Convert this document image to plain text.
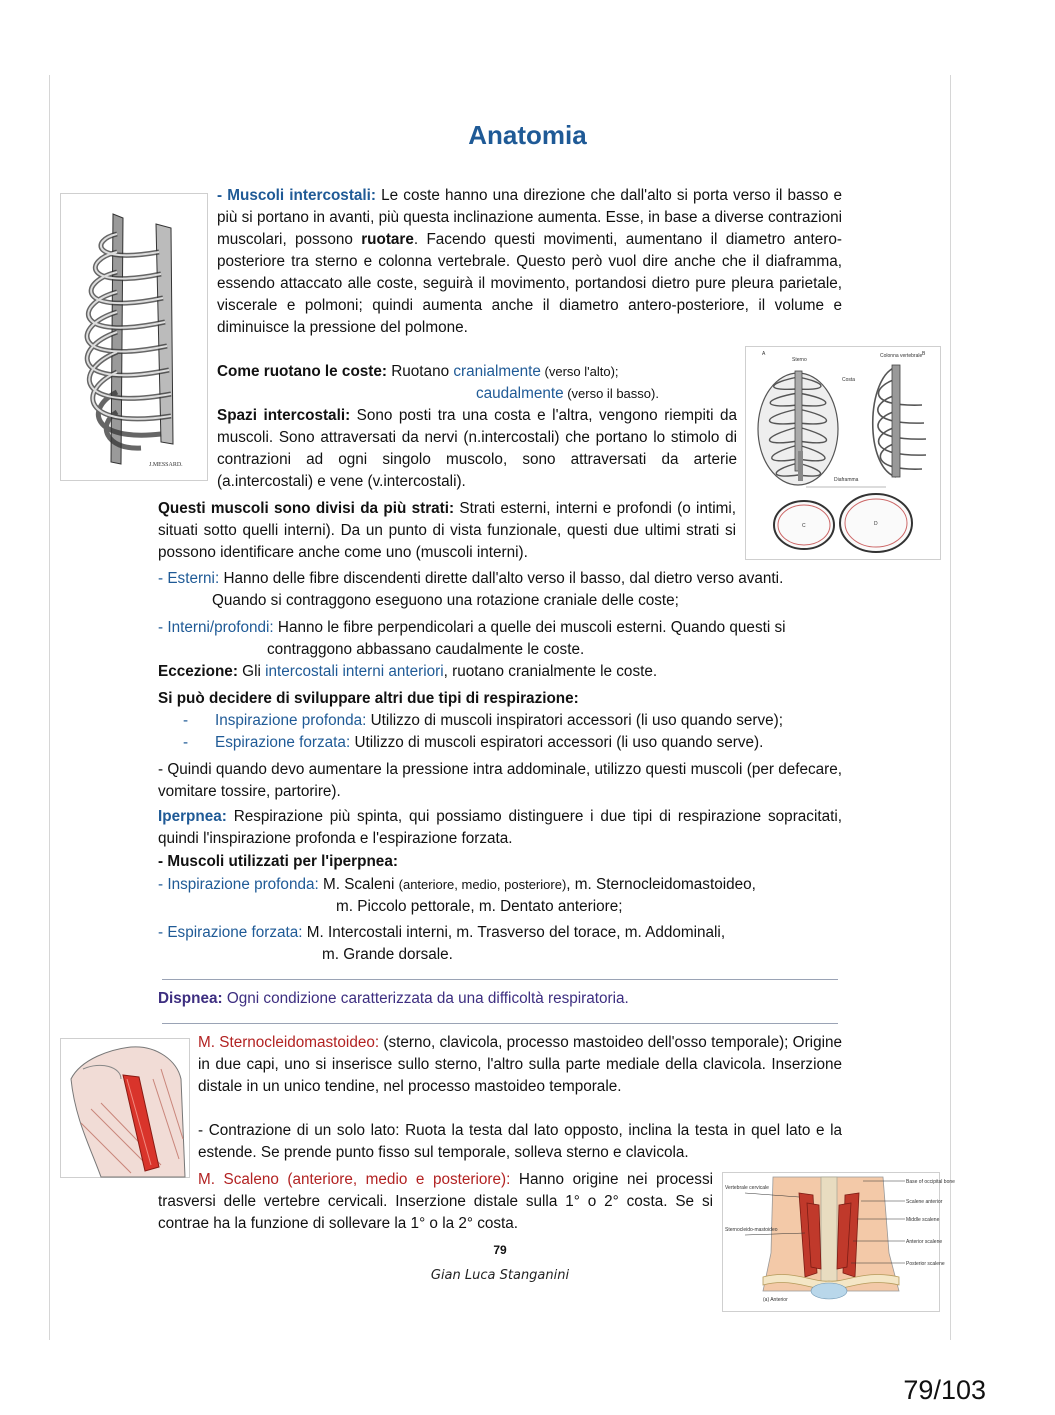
Anatomia
J.MESSARD.
- Muscoli intercostali: Le coste hanno una direzione che dall'alto si porta verso il basso e più si portano in avanti, più questa inclinazione aumenta. Esse, in base a diverse contrazioni muscolari, possono ruotare. Facendo questi movimenti, aumentano il diametro antero-posteriore tra sterno e colonna vertebrale. Questo però vuol dire anche che il diaframma, essendo attaccato alle coste, seguirà il movimento, portandosi dietro pure pleura parietale, viscerale e polmoni; quindi aumenta anche il diametro antero-posteriore, il volume e diminuisce la pressione del polmone.
Come ruotano le coste: Ruotano cranialmente (verso l'alto);
caudalmente (verso il basso).
Spazi intercostali: Sono posti tra una costa e l'altra, vengono riempiti da muscoli. Sono attraversati da nervi (n.intercostali) che portano lo stimolo di contrazioni ad ogni singolo muscolo, sono attraversati da arterie (a.intercostali) e vene (v.intercostali).
A	B
Sterno
Colonna vertebrale
Costa
Diaframma
C	D
Questi muscoli sono divisi da più strati: Strati esterni, interni e profondi (o intimi, situati sotto quelli interni). Da un punto di vista funzionale, questi due ultimi strati si possono identificare anche come uno (muscoli interni).
- Esterni: Hanno delle fibre discendenti dirette dall'alto verso il basso, dal dietro verso avanti.
Quando si contraggono eseguono una rotazione craniale delle coste;
- Interni/profondi: Hanno le fibre perpendicolari a quelle dei muscoli esterni. Quando questi si
contraggono abbassano caudalmente le coste.
Eccezione: Gli intercostali interni anteriori, ruotano cranialmente le coste.
Si può decidere di sviluppare altri due tipi di respirazione:
- Inspirazione profonda: Utilizzo di muscoli inspiratori accessori (li uso quando serve);
- Espirazione forzata: Utilizzo di muscoli espiratori accessori (li uso quando serve).
- Quindi quando devo aumentare la pressione intra addominale, utilizzo questi muscoli (per defecare, vomitare tossire, partorire).
Iperpnea: Respirazione più spinta, qui possiamo distinguere i due tipi di respirazione sopracitati, quindi l'inspirazione profonda e l'espirazione forzata.
- Muscoli utilizzati per l'iperpnea:
- Inspirazione profonda: M. Scaleni (anteriore, medio, posteriore), m. Sternocleidomastoideo,
m. Piccolo pettorale, m. Dentato anteriore;
- Espirazione forzata: M. Intercostali interni, m. Trasverso del torace, m. Addominali,
m. Grande dorsale.
Dispnea: Ogni condizione caratterizzata da una difficoltà respiratoria.
M. Sternocleidomastoideo: (sterno, clavicola, processo mastoideo dell'osso temporale); Origine in due capi, uno si inserisce sullo sterno, l'altro sulla parte mediale della clavicola. Inserzione distale in un unico tendine, nel processo mastoideo temporale.
- Contrazione di un solo lato: Ruota la testa dal lato opposto, inclina la testa in quel lato e la estende. Se prende punto fisso sul temporale, solleva sterno e clavicola.
M. Scaleno (anteriore, medio e posteriore): Hanno origine nei processi trasversi delle vertebre cervicali. Inserzione distale sulla 1° o 2° costa. Se si contrae ha la funzione di sollevare la 1° o la 2° costa.
Vertebrale cervicale
Sternocleido-mastoideo
Base of occipital bone
Scalene anterior
Middle scalene
Anterior scalene
Posterior scalene
(a) Anterior
79
Gian Luca Stanganini
79/103
